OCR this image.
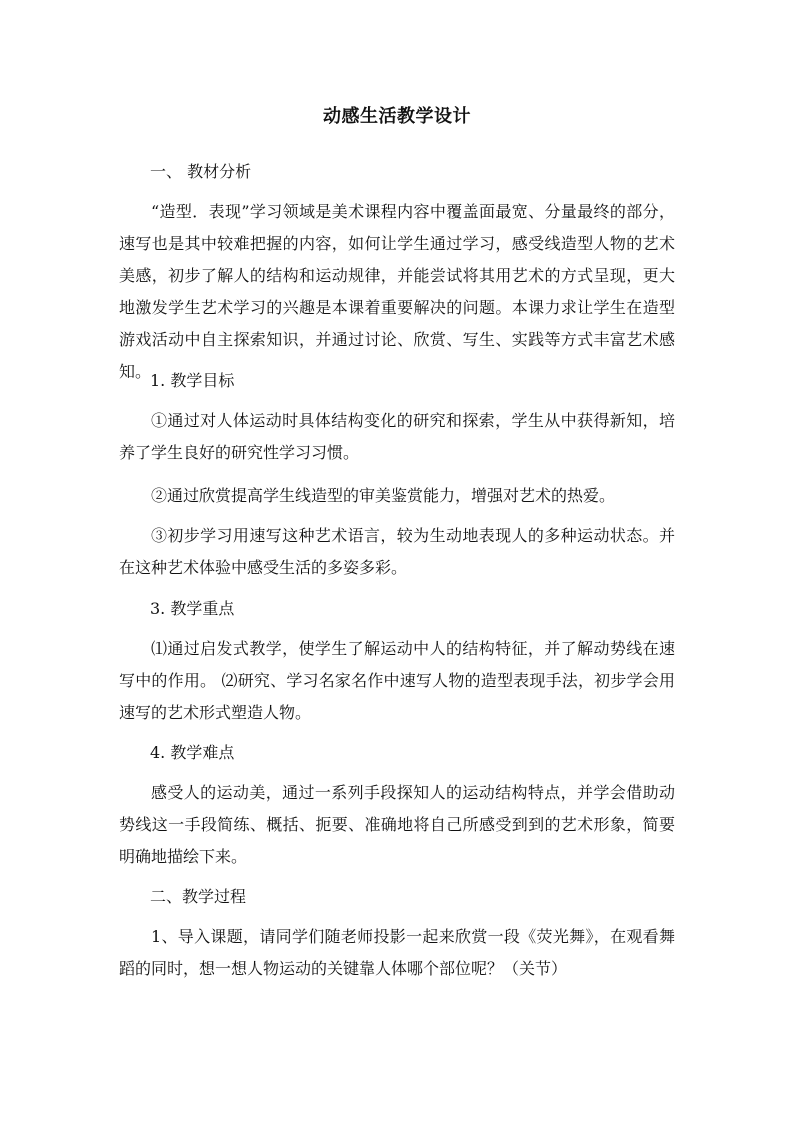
动感生活教学设计
一、 教材分析
“造型．表现”学习领域是美术课程内容中覆盖面最宽、分量最终的部分，速写也是其中较难把握的内容，如何让学生通过学习，感受线造型人物的艺术美感，初步了解人的结构和运动规律，并能尝试将其用艺术的方式呈现，更大地激发学生艺术学习的兴趣是本课着重要解决的问题。本课力求让学生在造型游戏活动中自主探索知识，并通过讨论、欣赏、写生、实践等方式丰富艺术感知。
1. 教学目标
①通过对人体运动时具体结构变化的研究和探索，学生从中获得新知，培养了学生良好的研究性学习习惯。
②通过欣赏提高学生线造型的审美鉴赏能力，增强对艺术的热爱。
③初步学习用速写这种艺术语言，较为生动地表现人的多种运动状态。并在这种艺术体验中感受生活的多姿多彩。
3. 教学重点
⑴通过启发式教学，使学生了解运动中人的结构特征，并了解动势线在速写中的作用。 ⑵研究、学习名家名作中速写人物的造型表现手法，初步学会用速写的艺术形式塑造人物。
4. 教学难点
感受人的运动美，通过一系列手段探知人的运动结构特点，并学会借助动势线这一手段简练、概括、扼要、准确地将自己所感受到到的艺术形象，简要明确地描绘下来。
二、教学过程
1、导入课题，请同学们随老师投影一起来欣赏一段《荧光舞》，在观看舞蹈的同时，想一想人物运动的关键靠人体哪个部位呢？（关节）
